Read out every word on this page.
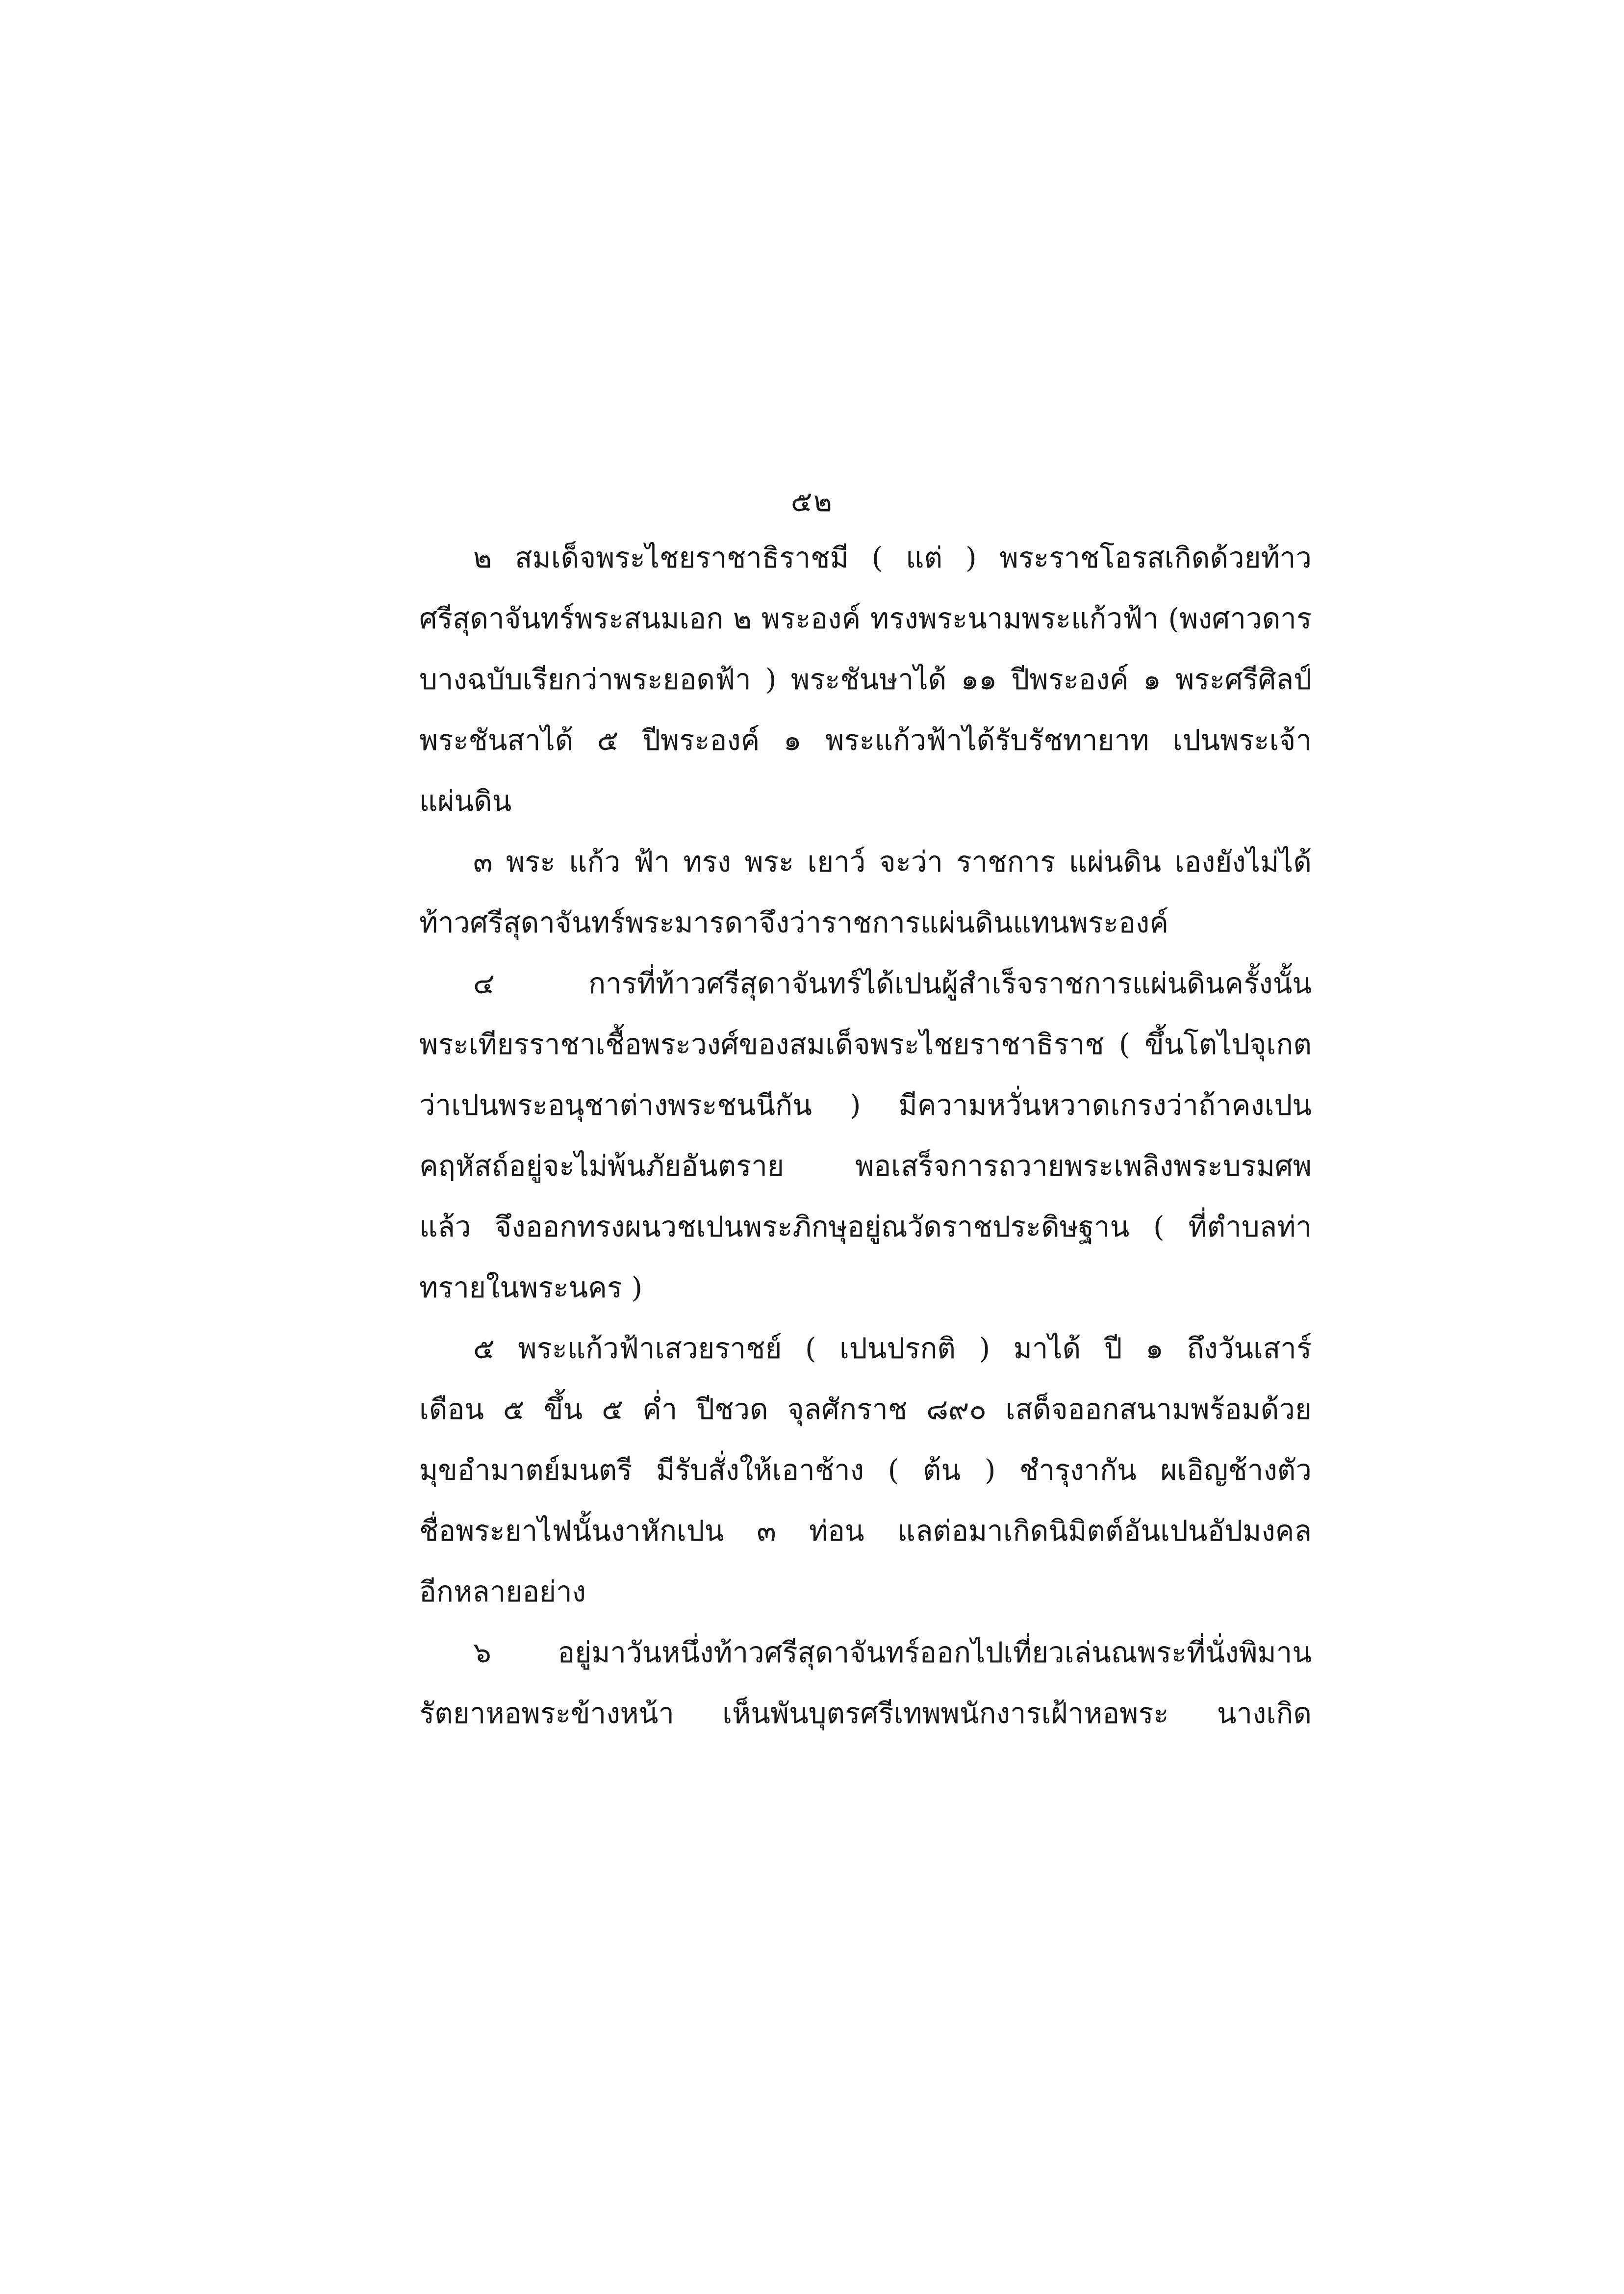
๕๒
๒ สมเด็จพระไชยราชาธิราชมี ( แต่ ) พระราชโอรสเกิดด้วยท้าว
ศรีสุดาจันทร์พระสนมเอก ๒ พระองค์ ทรงพระนามพระแก้วฟ้า (พงศาวดาร
บางฉบับเรียกว่าพระยอดฟ้า ) พระชันษาได้ ๑๑ ปีพระองค์ ๑ พระศรีศิลป์
พระชันสาได้ ๕ ปีพระองค์ ๑ พระแก้วฟ้าได้รับรัชทายาท เปนพระเจ้า
แผ่นดิน
๓ พระ แก้ว ฟ้า ทรง พระ เยาว์ จะว่า ราชการ แผ่นดิน เองยังไม่ได้
ท้าวศรีสุดาจันทร์พระมารดาจึงว่าราชการแผ่นดินแทนพระองค์
๔ การที่ท้าวศรีสุดาจันทร์ได้เปนผู้สำเร็จราชการแผ่นดินครั้งนั้น
พระเทียรราชาเชื้อพระวงศ์ของสมเด็จพระไชยราชาธิราช ( ขึ้นโตไปจุเกต
ว่าเปนพระอนุชาต่างพระชนนีกัน ) มีความหวั่นหวาดเกรงว่าถ้าคงเปน
คฤหัสถ์อยู่จะไม่พ้นภัยอันตราย พอเสร็จการถวายพระเพลิงพระบรมศพ
แล้ว จึงออกทรงผนวชเปนพระภิกษุอยู่ณวัดราชประดิษฐาน ( ที่ตำบลท่า
ทรายในพระนคร )
๕ พระแก้วฟ้าเสวยราชย์ ( เปนปรกติ ) มาได้ ปี ๑ ถึงวันเสาร์
เดือน ๕ ขึ้น ๕ ค่ำ ปีชวด จุลศักราช ๘๙๐ เสด็จออกสนามพร้อมด้วย
มุขอำมาตย์มนตรี มีรับสั่งให้เอาช้าง ( ต้น ) ชำรุงากัน ผเอิญช้างตัว
ชื่อพระยาไฟนั้นงาหักเปน ๓ ท่อน แลต่อมาเกิดนิมิตต์อันเปนอัปมงคล
อีกหลายอย่าง
๖ อยู่มาวันหนึ่งท้าวศรีสุดาจันทร์ออกไปเที่ยวเล่นณพระที่นั่งพิมาน
รัตยาหอพระข้างหน้า เห็นพันบุตรศรีเทพพนักงารเฝ้าหอพระ นางเกิด
